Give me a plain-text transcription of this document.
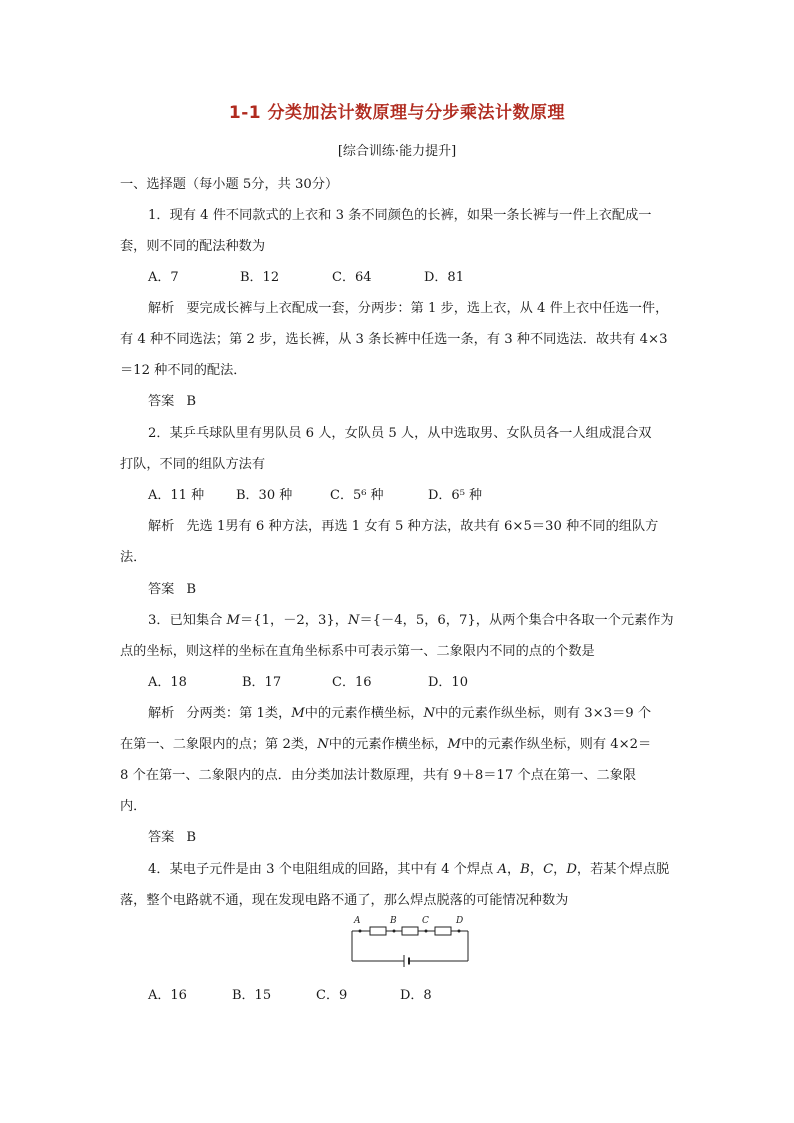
1-1 分类加法计数原理与分步乘法计数原理
[综合训练·能力提升]
一、选择题（每小题 5分，共 30分）
1．现有 4 件不同款式的上衣和 3 条不同颜色的长裤，如果一条长裤与一件上衣配成一
套，则不同的配法种数为
A．7	B．12	C．64	D．81
解析 要完成长裤与上衣配成一套，分两步：第 1 步，选上衣，从 4 件上衣中任选一件，
有 4 种不同选法；第 2 步，选长裤，从 3 条长裤中任选一条，有 3 种不同选法．故共有 4×3
＝12 种不同的配法．
答案 B
2．某乒乓球队里有男队员 6 人，女队员 5 人，从中选取男、女队员各一人组成混合双
打队，不同的组队方法有
A．11 种	B．30 种	C．5⁶ 种	D．6⁵ 种
解析 先选 1男有 6 种方法，再选 1 女有 5 种方法，故共有 6×5＝30 种不同的组队方
法．
答案 B
3．已知集合 M＝{1，－2，3}，N＝{－4，5，6，7}，从两个集合中各取一个元素作为
点的坐标，则这样的坐标在直角坐标系中可表示第一、二象限内不同的点的个数是
A．18	B．17	C．16	D．10
解析 分两类：第 1类，M中的元素作横坐标，N中的元素作纵坐标，则有 3×3＝9 个
在第一、二象限内的点；第 2类，N中的元素作横坐标，M中的元素作纵坐标，则有 4×2＝
8 个在第一、二象限内的点．由分类加法计数原理，共有 9＋8＝17 个点在第一、二象限
内．
答案 B
4．某电子元件是由 3 个电阻组成的回路，其中有 4 个焊点 A，B，C，D，若某个焊点脱
落，整个电路就不通，现在发现电路不通了，那么焊点脱落的可能情况种数为
A	B	C	D
A．16	B．15	C．9	D．8
